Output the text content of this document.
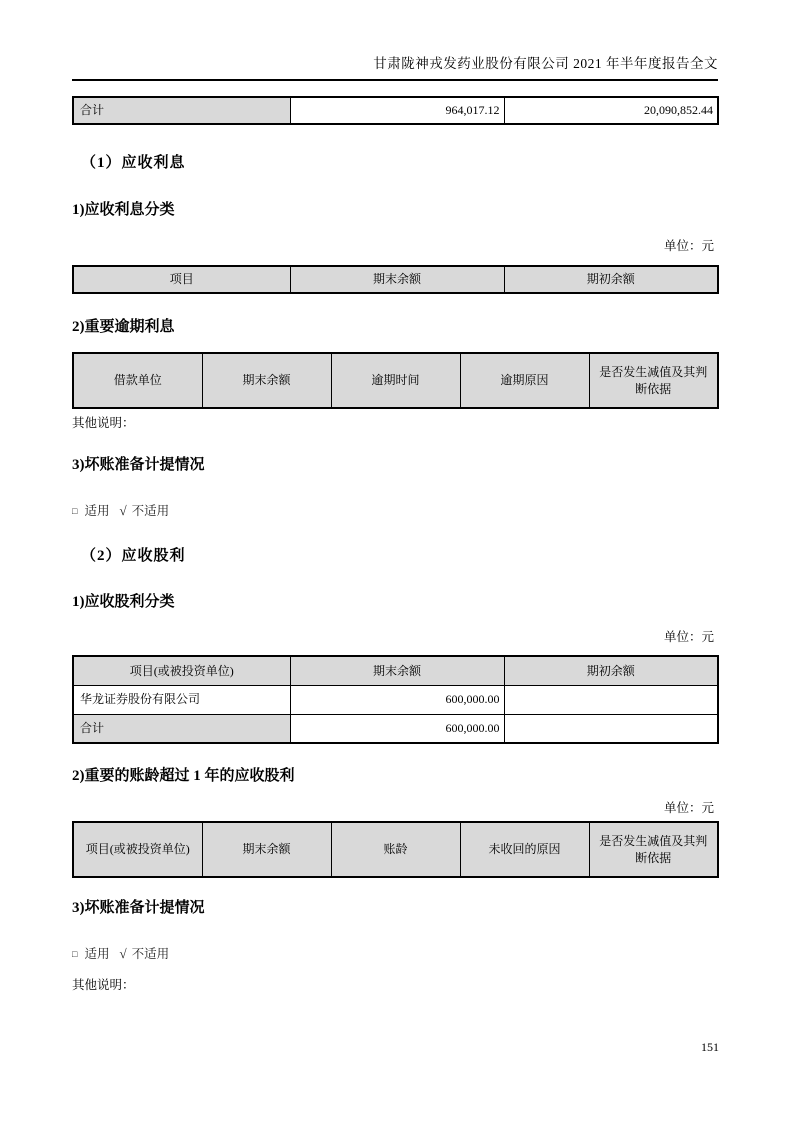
甘肃陇神戎发药业股份有限公司 2021 年半年度报告全文
合计	964,017.12	20,090,852.44
（1）应收利息
1)应收利息分类
单位：元
项目	期末余额	期初余额
2)重要逾期利息
借款单位	期末余额	逾期时间	逾期原因	是否发生减值及其判断依据
其他说明：
3)坏账准备计提情况
□ 适用 √ 不适用
（2）应收股利
1)应收股利分类
单位：元
项目(或被投资单位)	期末余额	期初余额
华龙证券股份有限公司	600,000.00	
合计	600,000.00	
2)重要的账龄超过 1 年的应收股利
单位：元
项目(或被投资单位)	期末余额	账龄	未收回的原因	是否发生减值及其判断依据
3)坏账准备计提情况
□ 适用 √ 不适用
其他说明：
151
